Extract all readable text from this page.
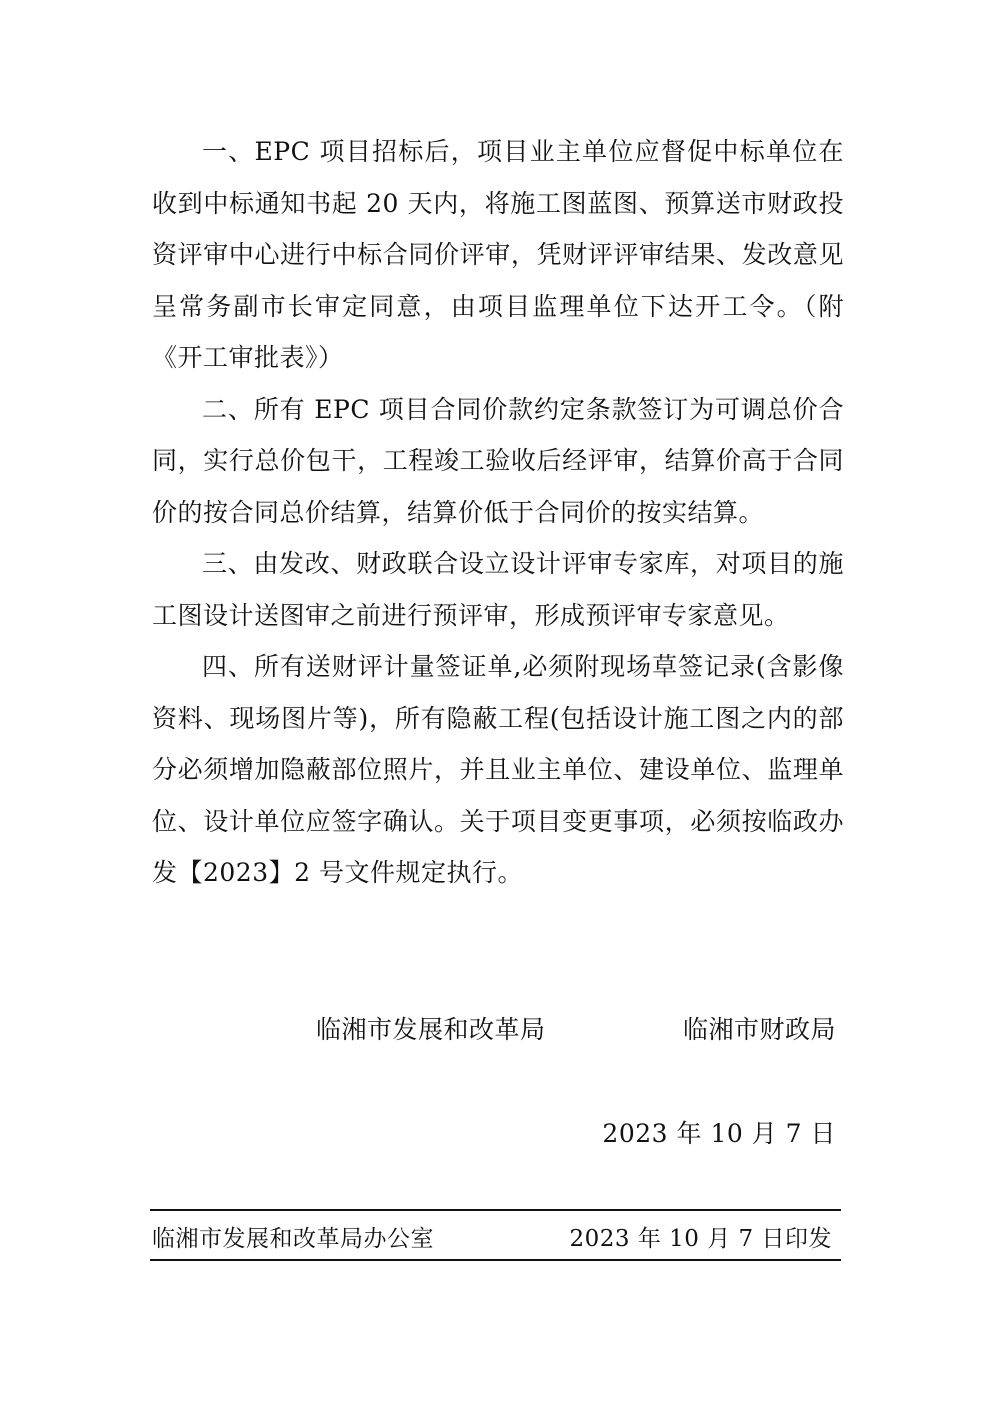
一、EPC 项目招标后，项目业主单位应督促中标单位在收到中标通知书起 20 天内，将施工图蓝图、预算送市财政投资评审中心进行中标合同价评审，凭财评评审结果、发改意见呈常务副市长审定同意，由项目监理单位下达开工令。（附《开工审批表》）

二、所有 EPC 项目合同价款约定条款签订为可调总价合同，实行总价包干，工程竣工验收后经评审，结算价高于合同价的按合同总价结算，结算价低于合同价的按实结算。

三、由发改、财政联合设立设计评审专家库，对项目的施工图设计送图审之前进行预评审，形成预评审专家意见。

四、所有送财评计量签证单,必须附现场草签记录(含影像资料、现场图片等)，所有隐蔽工程(包括设计施工图之内的部分必须增加隐蔽部位照片，并且业主单位、建设单位、监理单位、设计单位应签字确认。关于项目变更事项，必须按临政办发【2023】2 号文件规定执行。

临湘市发展和改革局	临湘市财政局
2023 年 10 月 7 日
临湘市发展和改革局办公室	2023 年 10 月 7 日印发
